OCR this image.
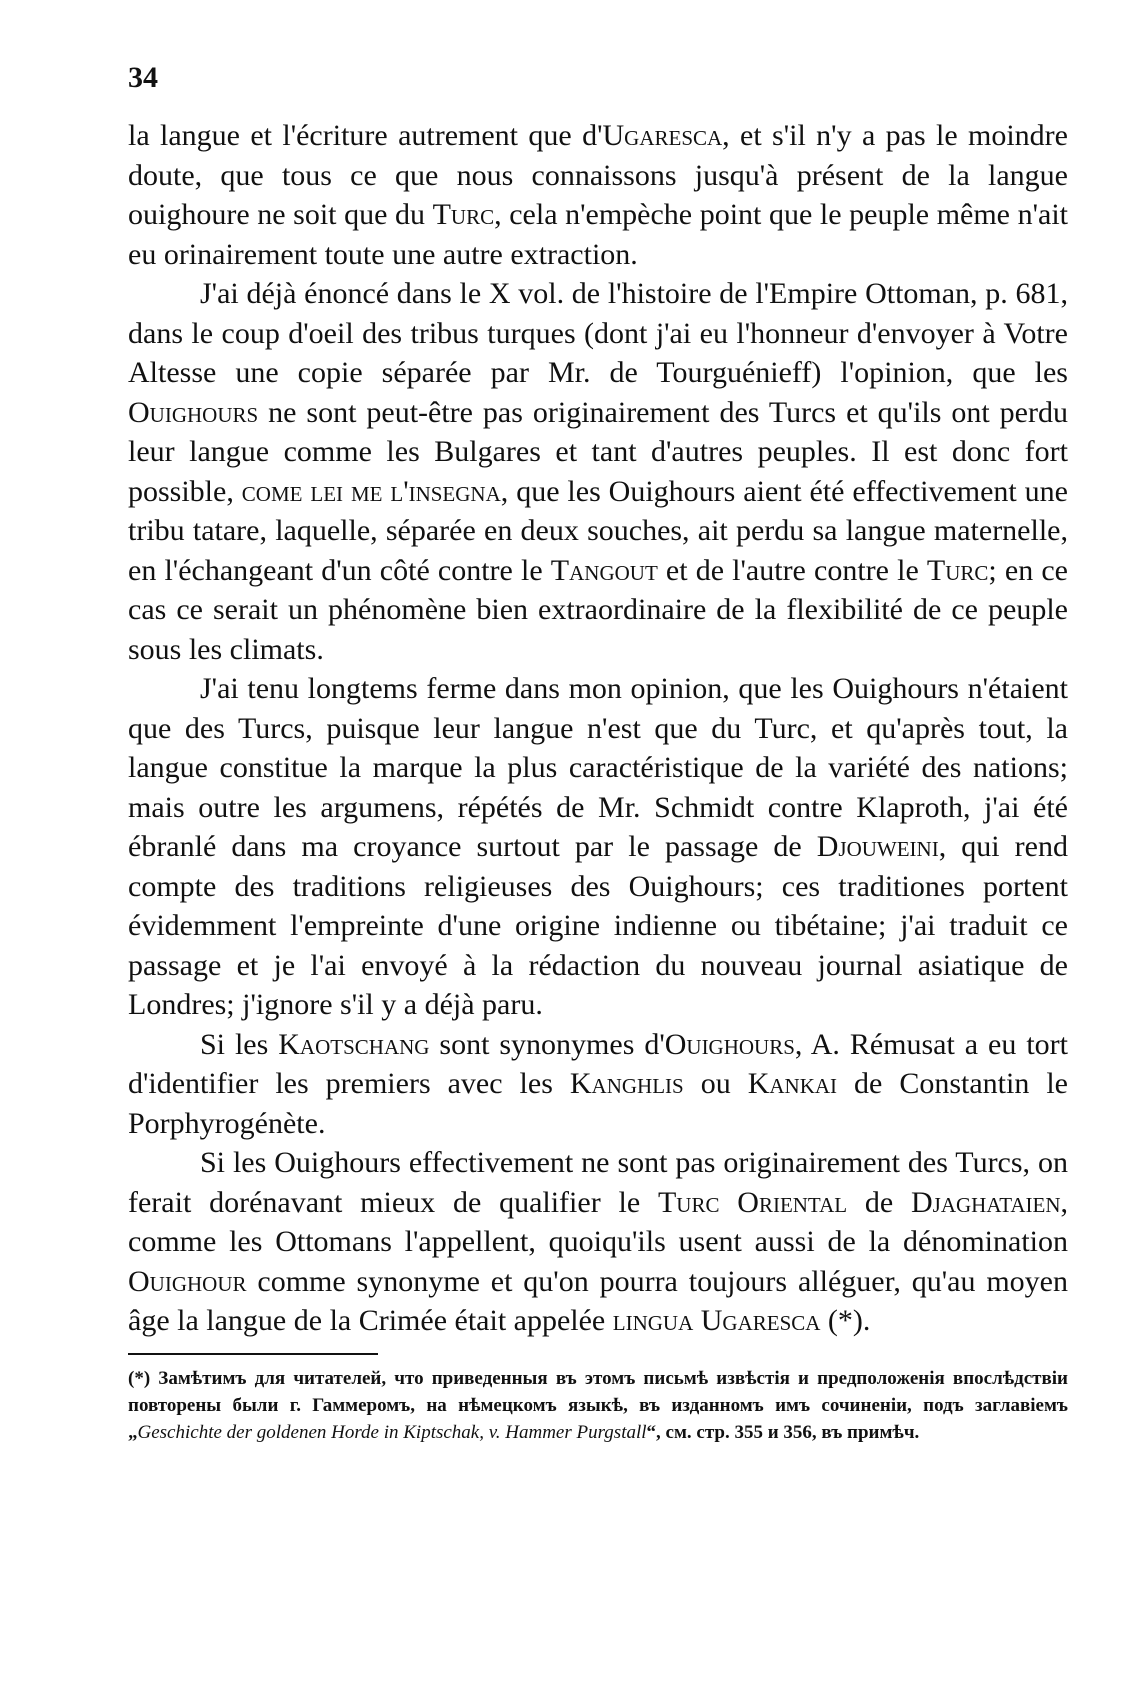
34

la langue et l'écriture autrement que d'Ugaresca, et s'il n'y a pas le moindre doute, que tous ce que nous connaissons jusqu'à présent de la langue ouighoure ne soit que du Turc, cela n'empèche point que le peuple même n'ait eu orinairement toute une autre extraction.

J'ai déjà énoncé dans le X vol. de l'histoire de l'Empire Ottoman, p. 681, dans le coup d'oeil des tribus turques (dont j'ai eu l'honneur d'envoyer à Votre Altesse une copie séparée par Mr. de Tourguénieff) l'opinion, que les Ouighours ne sont peut-être pas originairement des Turcs et qu'ils ont perdu leur langue comme les Bulgares et tant d'autres peuples. Il est donc fort possible, come lei me l'insegna, que les Ouighours aient été effectivement une tribu tatare, laquelle, séparée en deux souches, ait perdu sa langue maternelle, en l'échangeant d'un côté contre le Tangout et de l'autre contre le Turc; en ce cas ce serait un phénomène bien extraordinaire de la flexibilité de ce peuple sous les climats.

J'ai tenu longtems ferme dans mon opinion, que les Ouighours n'étaient que des Turcs, puisque leur langue n'est que du Turc, et qu'après tout, la langue constitue la marque la plus caractéristique de la variété des nations; mais outre les argumens, répétés de Mr. Schmidt contre Klaproth, j'ai été ébranlé dans ma croyance surtout par le passage de Djouweini, qui rend compte des traditions religieuses des Ouighours; ces traditiones portent évidemment l'empreinte d'une origine indienne ou tibétaine; j'ai traduit ce passage et je l'ai envoyé à la rédaction du nouveau journal asiatique de Londres; j'ignore s'il y a déjà paru.

Si les Kaotschang sont synonymes d'Ouighours, A. Rémusat a eu tort d'identifier les premiers avec les Kanghlis ou Kankai de Constantin le Porphyrogénète.

Si les Ouighours effectivement ne sont pas originairement des Turcs, on ferait dorénavant mieux de qualifier le Turc Oriental de Djaghataien, comme les Ottomans l'appellent, quoiqu'ils usent aussi de la dénomination Ouighour comme synonyme et qu'on pourra toujours alléguer, qu'au moyen âge la langue de la Crimée était appelée lingua Ugaresca (*).

(*) Замѣтимъ для читателей, что приведенныя въ этомъ письмѣ извѣстія и предположенія впослѣдствіи повторены были г. Гаммеромъ, на нѣмецкомъ языкѣ, въ изданномъ имъ сочиненіи, подъ заглавіемъ „Geschichte der goldenen Horde in Kiptschak, v. Hammer Purgstall“, см. стр. 355 и 356, въ примѣч.
